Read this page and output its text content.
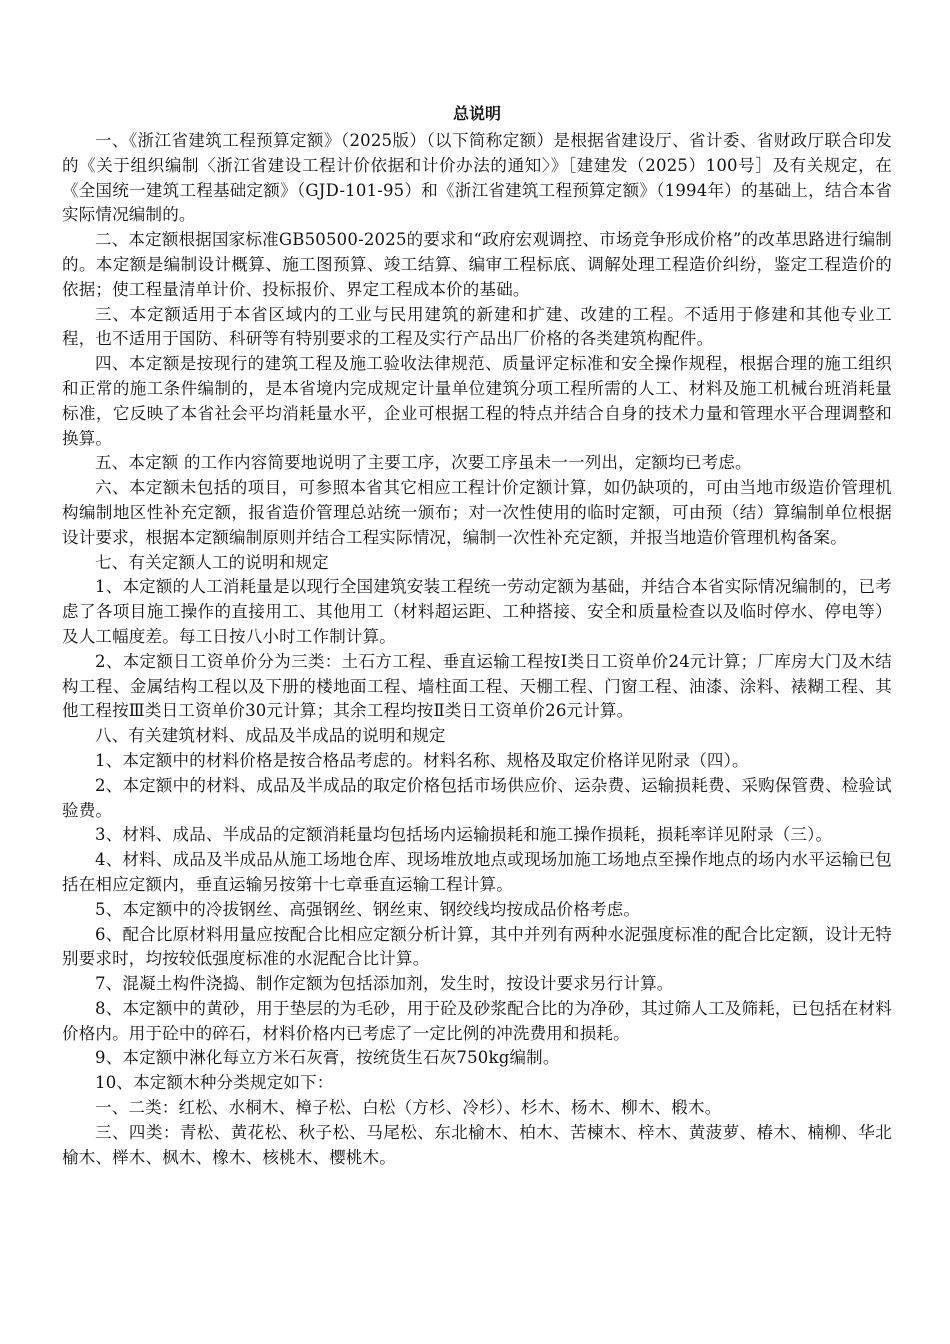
总说明

一、《浙江省建筑工程预算定额》（2025版）（以下简称定额）是根据省建设厅、省计委、省财政厅联合印发的《关于组织编制〈浙江省建设工程计价依据和计价办法的通知〉》［建建发（2025）100号］及有关规定，在《全国统一建筑工程基础定额》（GJD-101-95）和《浙江省建筑工程预算定额》（1994年）的基础上，结合本省实际情况编制的。

二、本定额根据国家标准GB50500-2025的要求和“政府宏观调控、市场竞争形成价格”的改革思路进行编制的。本定额是编制设计概算、施工图预算、竣工结算、编审工程标底、调解处理工程造价纠纷，鉴定工程造价的依据；使工程量清单计价、投标报价、界定工程成本价的基础。

三、本定额适用于本省区域内的工业与民用建筑的新建和扩建、改建的工程。不适用于修建和其他专业工程，也不适用于国防、科研等有特别要求的工程及实行产品出厂价格的各类建筑构配件。

四、本定额是按现行的建筑工程及施工验收法律规范、质量评定标准和安全操作规程，根据合理的施工组织和正常的施工条件编制的，是本省境内完成规定计量单位建筑分项工程所需的人工、材料及施工机械台班消耗量标准，它反映了本省社会平均消耗量水平，企业可根据工程的特点并结合自身的技术力量和管理水平合理调整和换算。

五、本定额 的工作内容简要地说明了主要工序，次要工序虽未一一列出，定额均已考虑。

六、本定额未包括的项目，可参照本省其它相应工程计价定额计算，如仍缺项的，可由当地市级造价管理机构编制地区性补充定额，报省造价管理总站统一颁布；对一次性使用的临时定额，可由预（结）算编制单位根据设计要求，根据本定额编制原则并结合工程实际情况，编制一次性补充定额，并报当地造价管理机构备案。

七、有关定额人工的说明和规定

1、本定额的人工消耗量是以现行全国建筑安装工程统一劳动定额为基础，并结合本省实际情况编制的，已考虑了各项目施工操作的直接用工、其他用工（材料超运距、工种搭接、安全和质量检查以及临时停水、停电等）及人工幅度差。每工日按八小时工作制计算。

2、本定额日工资单价分为三类：土石方工程、垂直运输工程按Ⅰ类日工资单价24元计算；厂库房大门及木结构工程、金属结构工程以及下册的楼地面工程、墙柱面工程、天棚工程、门窗工程、油漆、涂料、裱糊工程、其他工程按Ⅲ类日工资单价30元计算；其余工程均按Ⅱ类日工资单价26元计算。

八、有关建筑材料、成品及半成品的说明和规定

1、本定额中的材料价格是按合格品考虑的。材料名称、规格及取定价格详见附录（四）。

2、本定额中的材料、成品及半成品的取定价格包括市场供应价、运杂费、运输损耗费、采购保管费、检验试验费。

3、材料、成品、半成品的定额消耗量均包括场内运输损耗和施工操作损耗，损耗率详见附录（三）。

4、材料、成品及半成品从施工场地仓库、现场堆放地点或现场加施工场地点至操作地点的场内水平运输已包括在相应定额内，垂直运输另按第十七章垂直运输工程计算。

5、本定额中的冷拔钢丝、高强钢丝、钢丝束、钢绞线均按成品价格考虑。

6、配合比原材料用量应按配合比相应定额分析计算，其中并列有两种水泥强度标准的配合比定额，设计无特别要求时，均按较低强度标准的水泥配合比计算。

7、混凝土构件浇捣、制作定额为包括添加剂，发生时，按设计要求另行计算。

8、本定额中的黄砂，用于垫层的为毛砂，用于砼及砂浆配合比的为净砂，其过筛人工及筛耗，已包括在材料价格内。用于砼中的碎石，材料价格内已考虑了一定比例的冲洗费用和损耗。

9、本定额中淋化每立方米石灰膏，按统货生石灰750kg编制。

10、本定额木种分类规定如下：

一、二类：红松、水桐木、樟子松、白松（方杉、冷杉）、杉木、杨木、柳木、椴木。

三、四类：青松、黄花松、秋子松、马尾松、东北榆木、柏木、苦楝木、梓木、黄菠萝、椿木、楠柳、华北榆木、榉木、枫木、橡木、核桃木、樱桃木。
